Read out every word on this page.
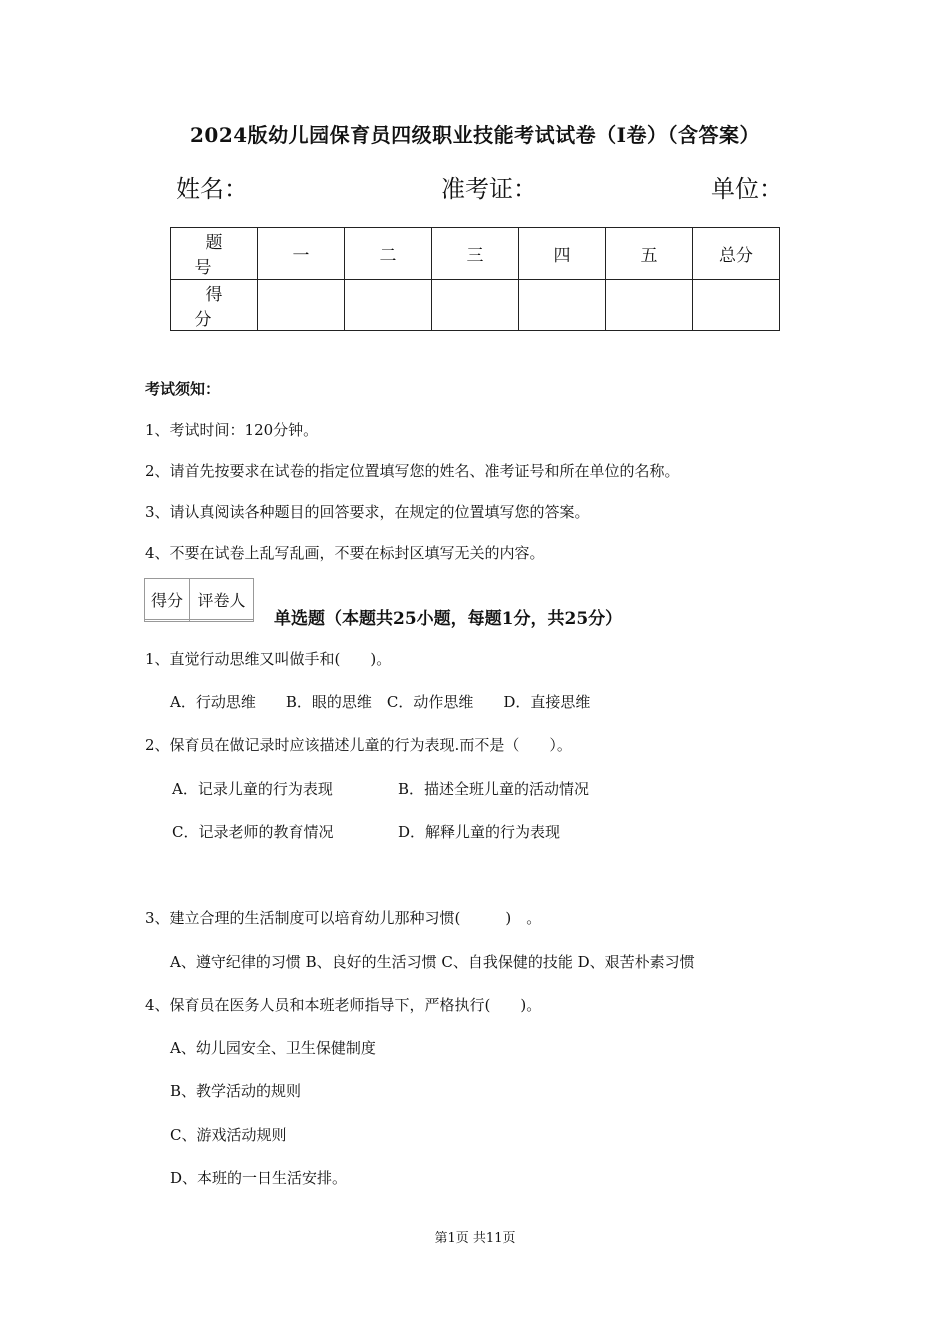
2024版幼儿园保育员四级职业技能考试试卷（I卷）（含答案）
姓名：	准考证：	单位：
题号	一	二	三	四	五	总分
得分						
考试须知：
1、考试时间：120分钟。
2、请首先按要求在试卷的指定位置填写您的姓名、准考证号和所在单位的名称。
3、请认真阅读各种题目的回答要求，在规定的位置填写您的答案。
4、不要在试卷上乱写乱画，不要在标封区填写无关的内容。
得分	评卷人

单选题（本题共25小题，每题1分，共25分）
1、直觉行动思维又叫做手和(　　)。
A．行动思维　　B．眼的思维　C．动作思维　　D．直接思维
2、保育员在做记录时应该描述儿童的行为表现.而不是（　　）。
A．记录儿童的行为表现	B．描述全班儿童的活动情况
C．记录老师的教育情况	D．解释儿童的行为表现
3、建立合理的生活制度可以培育幼儿那种习惯(　　　)　。
A、遵守纪律的习惯 B、良好的生活习惯 C、自我保健的技能 D、艰苦朴素习惯
4、保育员在医务人员和本班老师指导下，严格执行(　　)。
A、幼儿园安全、卫生保健制度
B、教学活动的规则
C、游戏活动规则
D、本班的一日生活安排。
第1页 共11页
